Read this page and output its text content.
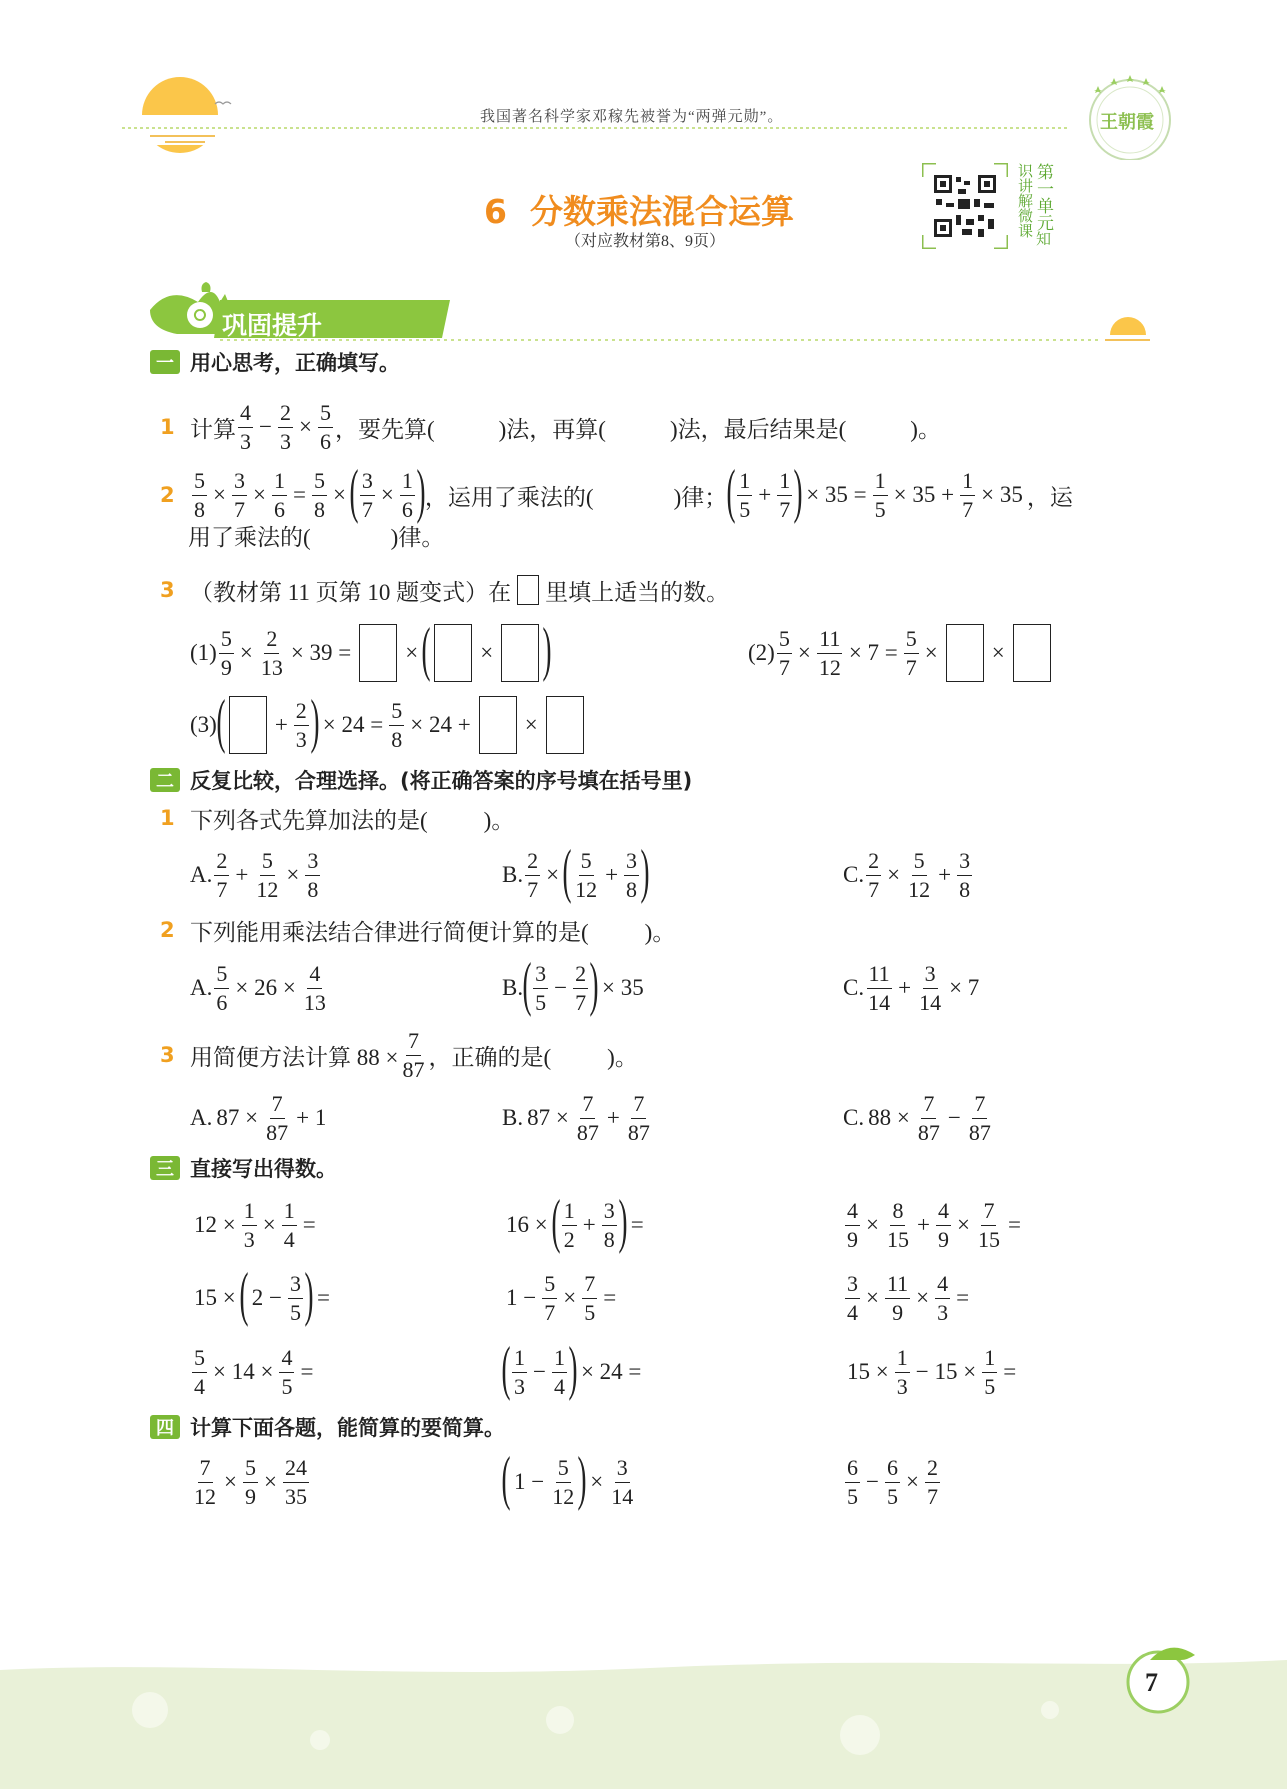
我国著名科学家邓稼先被誉为“两弹元勋”。	王朝霞
6 分数乘法混合运算
（对应教材第8、9页）
第一单元知识讲解微课
巩固提升
一 用心思考，正确填写。
1 计算 $\frac{4}{3} - \frac{2}{3} \times \frac{5}{6}$ ，要先算(	)法，再算(	)法，最后结果是(	)。
$2 \frac{5}{8} \times \frac{3}{7} \times \frac{1}{6} = \frac{5}{8}$ × ( $\frac{3}{7} \times \frac{1}{6}$ ) ，运用了乘法的(	)律； ( $\frac{1}{5} + \frac{1}{7}$ ) × $35 = \frac{1}{5} \times 35 + \frac{1}{7} \times 35$ ，运
用了乘法的(	)律。
3 （教材第 11 页第 10 题变式）在 里填上适当的数。
$(1) \frac{5}{9} \times \frac{2}{13} \times 39$ = × ( × )	$(2) \frac{5}{7} \times \frac{11}{12} \times 7 = \frac{5}{7}$ × ×
(3) ( + $\frac{2}{3}$ ) × $24 = \frac{5}{8} \times 24$ + ×
二 反复比较，合理选择。(将正确答案的序号填在括号里)
1 下列各式先算加法的是( )。
A. $\frac{2}{7} + \frac{5}{12} \times \frac{3}{8}$	B. $\frac{2}{7}$ × ( $\frac{5}{12} + \frac{3}{8}$ )	C. $\frac{2}{7} \times \frac{5}{12} + \frac{3}{8}$
2 下列能用乘法结合律进行简便计算的是( )。
A. $\frac{5}{6} \times 26 \times \frac{4}{13}$	B. ( $\frac{3}{5} - \frac{2}{7}$ ) × 35	C. $\frac{11}{14} + \frac{3}{14} \times 7$
3 用简便方法计算 $88 \times \frac{7}{87}$ ，正确的是( )。
A. $87 \times \frac{7}{87} + 1$	B. $87 \times \frac{7}{87} + \frac{7}{87}$	C. $88 \times \frac{7}{87} - \frac{7}{87}$
三 直接写出得数。
$12 \times \frac{1}{3} \times \frac{1}{4}$ =	16 × ( $\frac{1}{2} + \frac{3}{8}$ ) =	$\frac{4}{9} \times \frac{8}{15} + \frac{4}{9} \times \frac{7}{15}$ =
15 × ( $2 - \frac{3}{5}$ ) =	$1 - \frac{5}{7} \times \frac{7}{5}$ =	$\frac{3}{4} \times \frac{11}{9} \times \frac{4}{3}$ =
$\frac{5}{4} \times 14 \times \frac{4}{5}$ =	( $\frac{1}{3} - \frac{1}{4}$ ) × 24 =	$15 \times \frac{1}{3} - 15 \times \frac{1}{5}$ =
四 计算下面各题，能简算的要简算。
$\frac{7}{12} \times \frac{5}{9} \times \frac{24}{35}$	( $1 - \frac{5}{12}$ ) × $\frac{3}{14}$	$\frac{6}{5} - \frac{6}{5} \times \frac{2}{7}$
7
